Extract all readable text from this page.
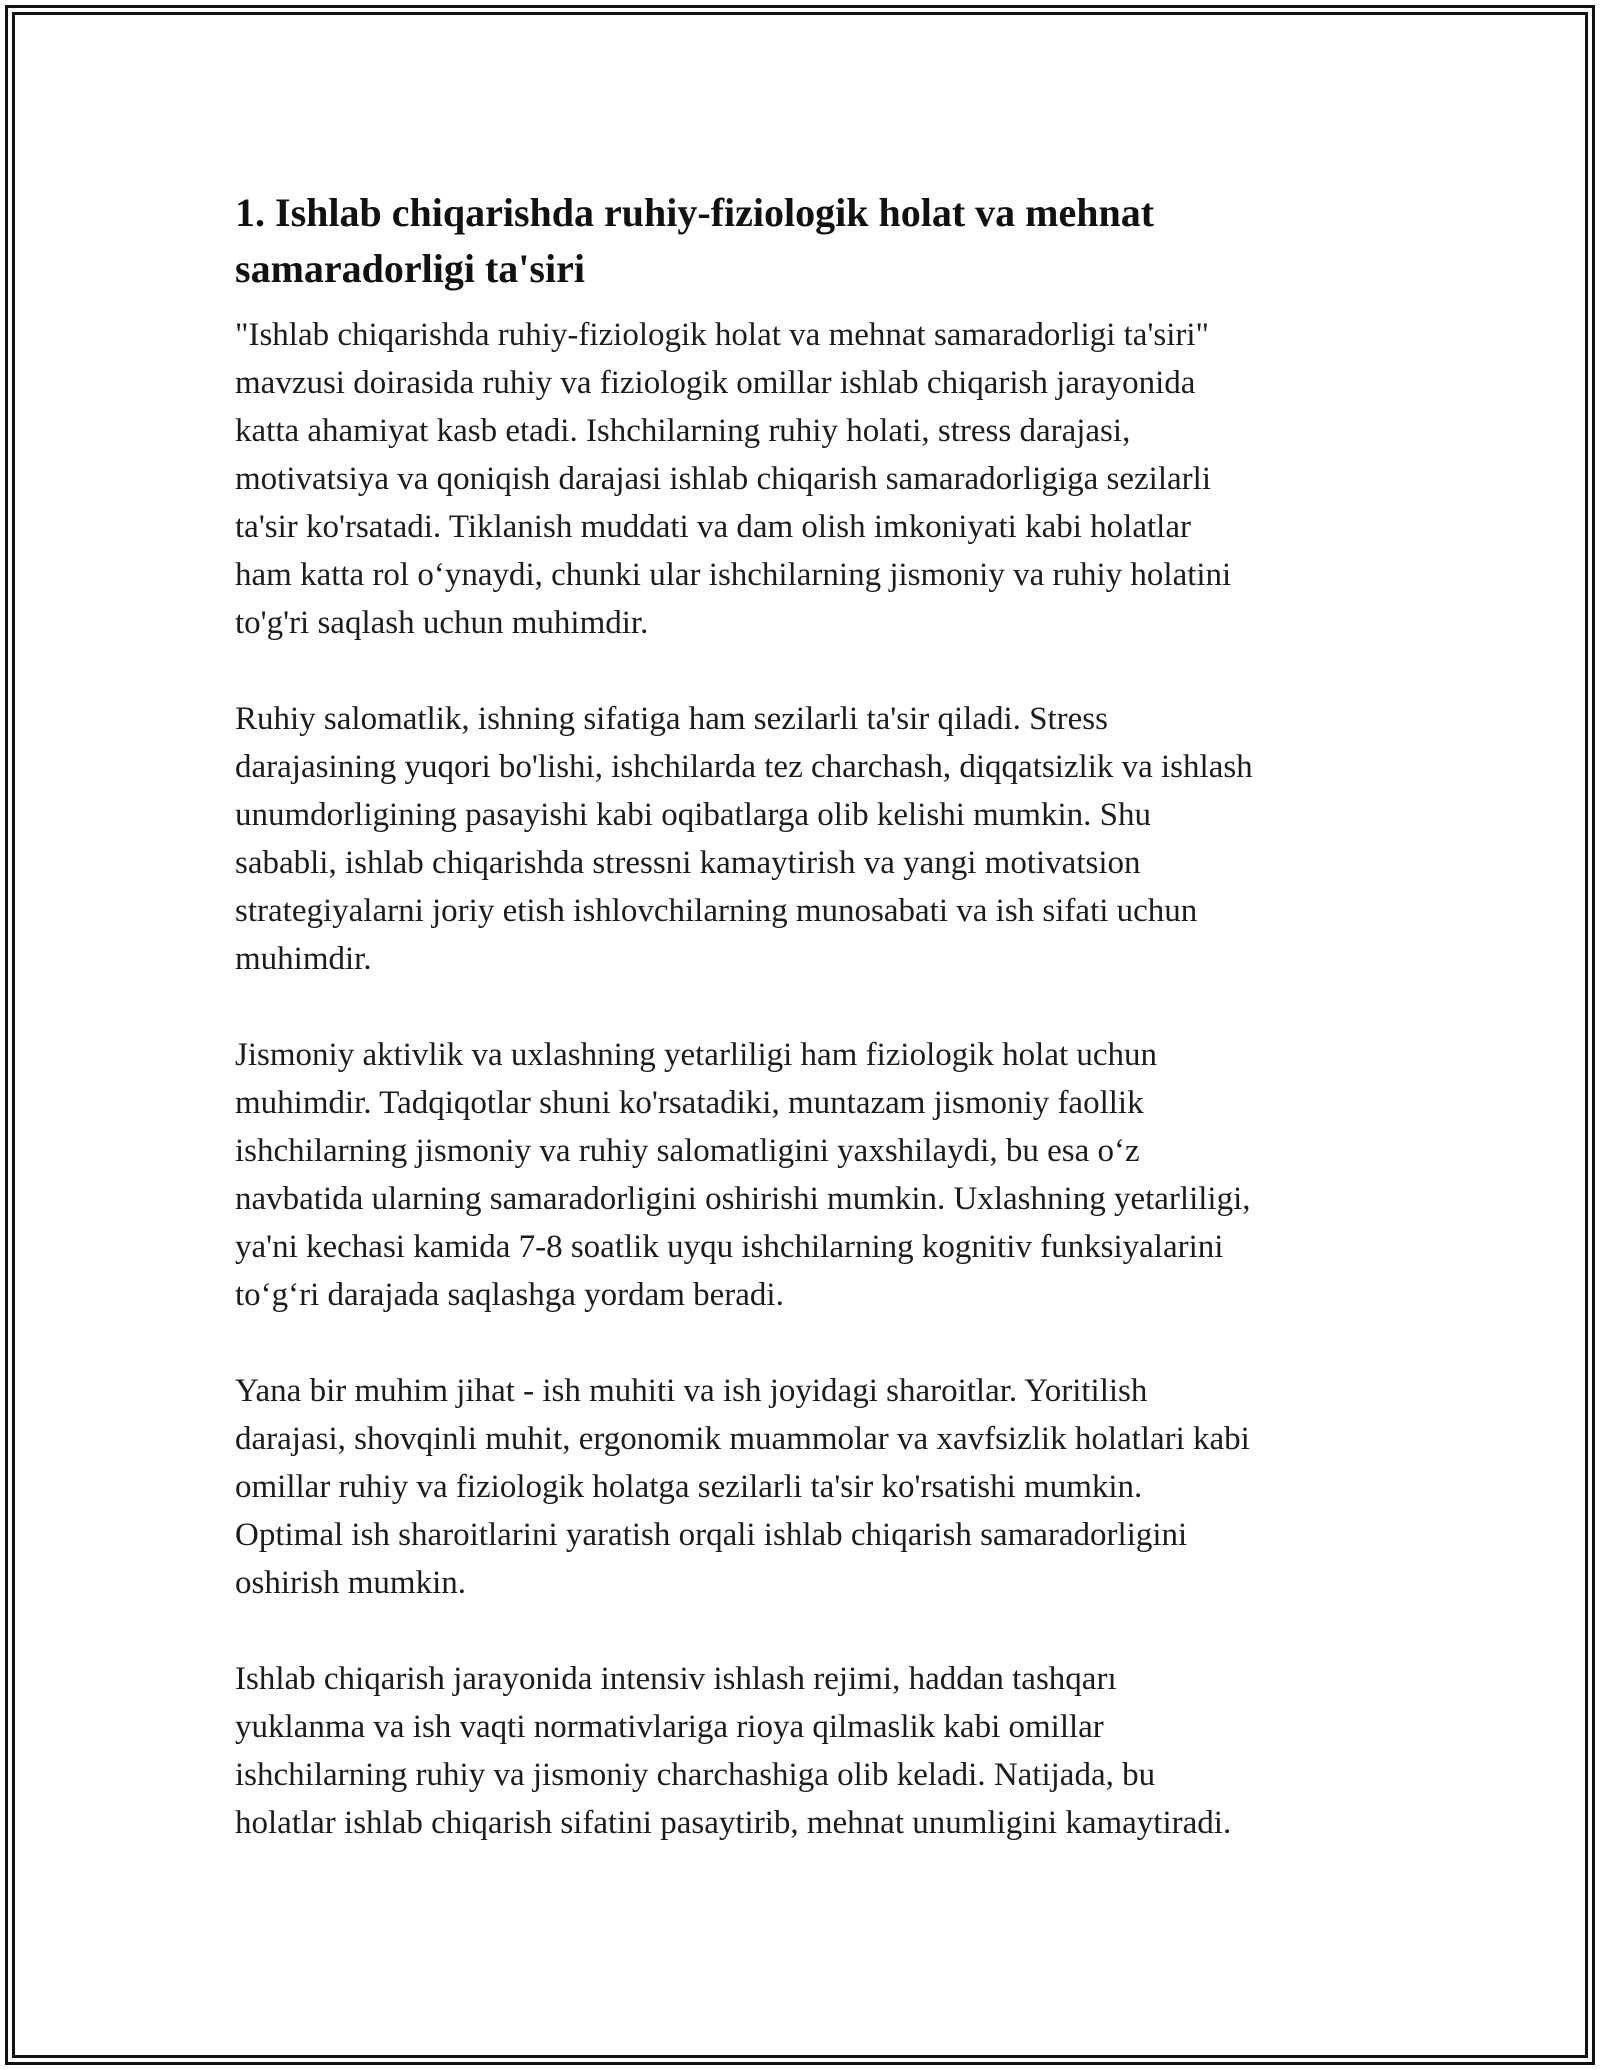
1. Ishlab chiqarishda ruhiy-fiziologik holat va mehnat
samaradorligi ta'siri

"Ishlab chiqarishda ruhiy-fiziologik holat va mehnat samaradorligi ta'siri"
mavzusi doirasida ruhiy va fiziologik omillar ishlab chiqarish jarayonida
katta ahamiyat kasb etadi. Ishchilarning ruhiy holati, stress darajasi,
motivatsiya va qoniqish darajasi ishlab chiqarish samaradorligiga sezilarli
ta'sir ko'rsatadi. Tiklanish muddati va dam olish imkoniyati kabi holatlar
ham katta rol o‘ynaydi, chunki ular ishchilarning jismoniy va ruhiy holatini
to'g'ri saqlash uchun muhimdir.

Ruhiy salomatlik, ishning sifatiga ham sezilarli ta'sir qiladi. Stress
darajasining yuqori bo'lishi, ishchilarda tez charchash, diqqatsizlik va ishlash
unumdorligining pasayishi kabi oqibatlarga olib kelishi mumkin. Shu
sababli, ishlab chiqarishda stressni kamaytirish va yangi motivatsion
strategiyalarni joriy etish ishlovchilarning munosabati va ish sifati uchun
muhimdir.

Jismoniy aktivlik va uxlashning yetarliligi ham fiziologik holat uchun
muhimdir. Tadqiqotlar shuni ko'rsatadiki, muntazam jismoniy faollik
ishchilarning jismoniy va ruhiy salomatligini yaxshilaydi, bu esa o‘z
navbatida ularning samaradorligini oshirishi mumkin. Uxlashning yetarliligi,
ya'ni kechasi kamida 7-8 soatlik uyqu ishchilarning kognitiv funksiyalarini
to‘g‘ri darajada saqlashga yordam beradi.

Yana bir muhim jihat - ish muhiti va ish joyidagi sharoitlar. Yoritilish
darajasi, shovqinli muhit, ergonomik muammolar va xavfsizlik holatlari kabi
omillar ruhiy va fiziologik holatga sezilarli ta'sir ko'rsatishi mumkin.
Optimal ish sharoitlarini yaratish orqali ishlab chiqarish samaradorligini
oshirish mumkin.

Ishlab chiqarish jarayonida intensiv ishlash rejimi, haddan tashqarı
yuklanma va ish vaqti normativlariga rioya qilmaslik kabi omillar
ishchilarning ruhiy va jismoniy charchashiga olib keladi. Natijada, bu
holatlar ishlab chiqarish sifatini pasaytirib, mehnat unumligini kamaytiradi.
